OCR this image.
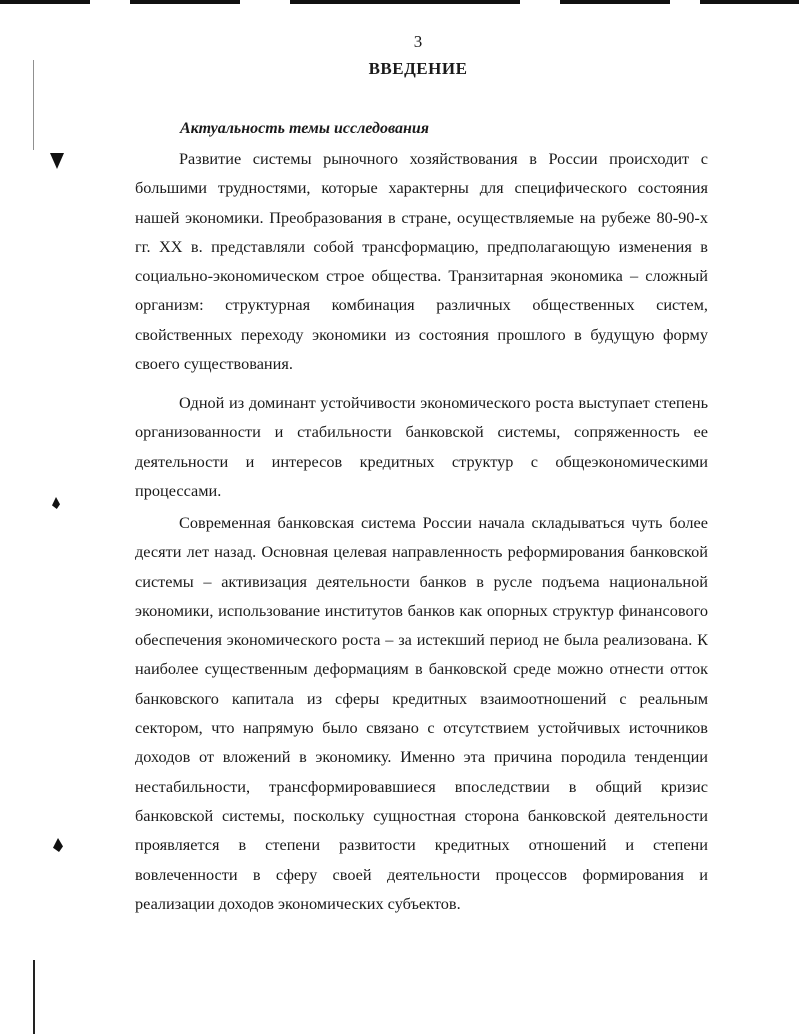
3
ВВЕДЕНИЕ
Актуальность темы исследования

Развитие системы рыночного хозяйствования в России происходит с большими трудностями, которые характерны для специфического состояния нашей экономики. Преобразования в стране, осуществляемые на рубеже 80-90-х гг. XX в. представляли собой трансформацию, предполагающую изменения в социально-экономическом строе общества. Транзитарная экономика – сложный организм: структурная комбинация различных общественных систем, свойственных переходу экономики из состояния прошлого в будущую форму своего существования.

Одной из доминант устойчивости экономического роста выступает степень организованности и стабильности банковской системы, сопряженность ее деятельности и интересов кредитных структур с общеэкономическими процессами.

Современная банковская система России начала складываться чуть более десяти лет назад. Основная целевая направленность реформирования банковской системы – активизация деятельности банков в русле подъема национальной экономики, использование институтов банков как опорных структур финансового обеспечения экономического роста – за истекший период не была реализована. К наиболее существенным деформациям в банковской среде можно отнести отток банковского капитала из сферы кредитных взаимоотношений с реальным сектором, что напрямую было связано с отсутствием устойчивых источников доходов от вложений в экономику. Именно эта причина породила тенденции нестабильности, трансформировавшиеся впоследствии в общий кризис банковской системы, поскольку сущностная сторона банковской деятельности проявляется в степени развитости кредитных отношений и степени вовлеченности в сферу своей деятельности процессов формирования и реализации доходов экономических субъектов.
